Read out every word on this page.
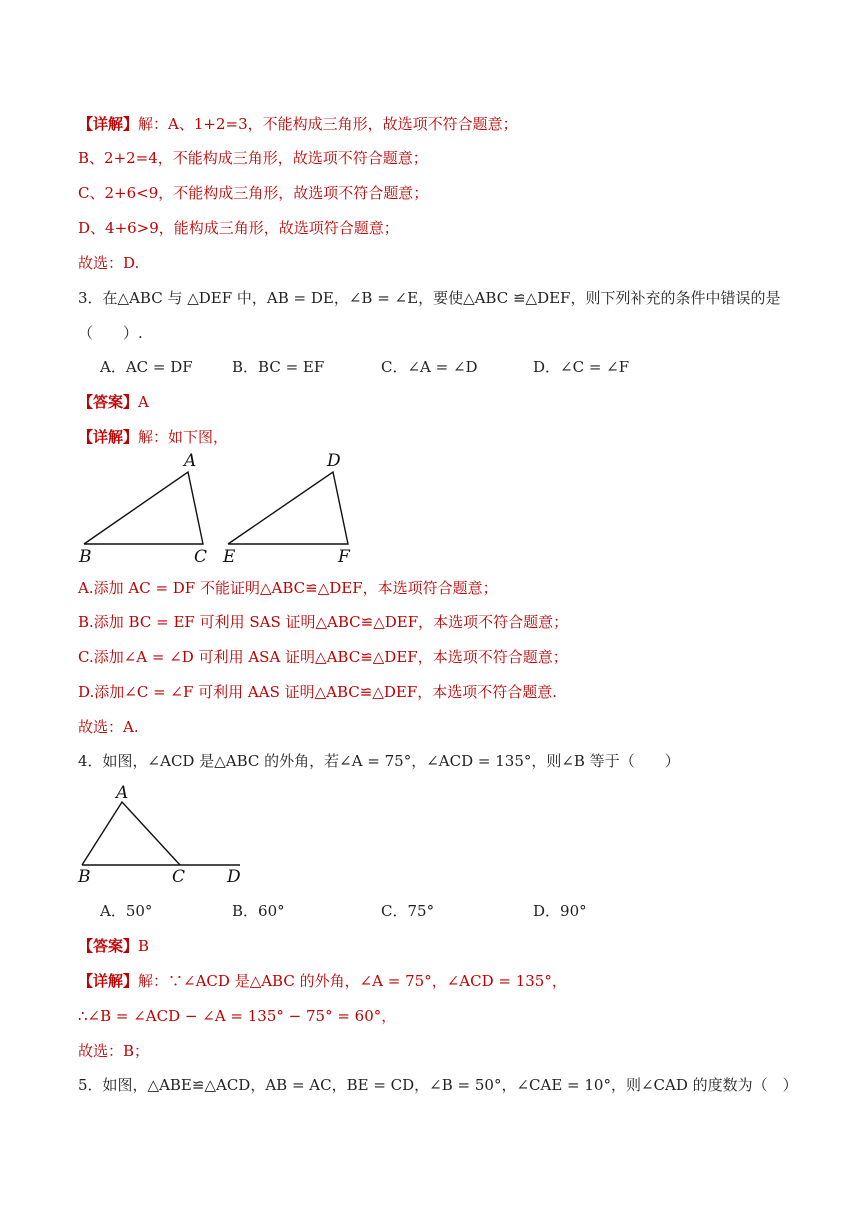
【详解】解：A、1+2=3，不能构成三角形，故选项不符合题意；
B、2+2=4，不能构成三角形，故选项不符合题意；
C、2+6<9，不能构成三角形，故选项不符合题意；
D、4+6>9，能构成三角形，故选项符合题意；
故选：D.
3．在△ABC 与 △DEF 中，AB = DE，∠B = ∠E，要使△ABC ≌△DEF，则下列补充的条件中错误的是
（　　）.
A．AC = DF	B．BC = EF	C．∠A = ∠D	D．∠C = ∠F
【答案】A
【详解】解：如下图，
A
B	C
D
E	F
A.添加 AC = DF 不能证明△ABC≌△DEF，本选项符合题意；
B.添加 BC = EF 可利用 SAS 证明△ABC≌△DEF，本选项不符合题意；
C.添加∠A = ∠D 可利用 ASA 证明△ABC≌△DEF，本选项不符合题意；
D.添加∠C = ∠F 可利用 AAS 证明△ABC≌△DEF，本选项不符合题意.
故选：A.
4．如图，∠ACD 是△ABC 的外角，若∠A = 75°，∠ACD = 135°，则∠B 等于（　　）
A
B	C D
A．50°	B．60°	C．75°	D．90°
【答案】B
【详解】解：∵∠ACD 是△ABC 的外角，∠A = 75°，∠ACD = 135°，
∴∠B = ∠ACD − ∠A = 135° − 75° = 60°，
故选：B；
5．如图，△ABE≌△ACD，AB = AC，BE = CD，∠B = 50°，∠CAE = 10°，则∠CAD 的度数为（　）
